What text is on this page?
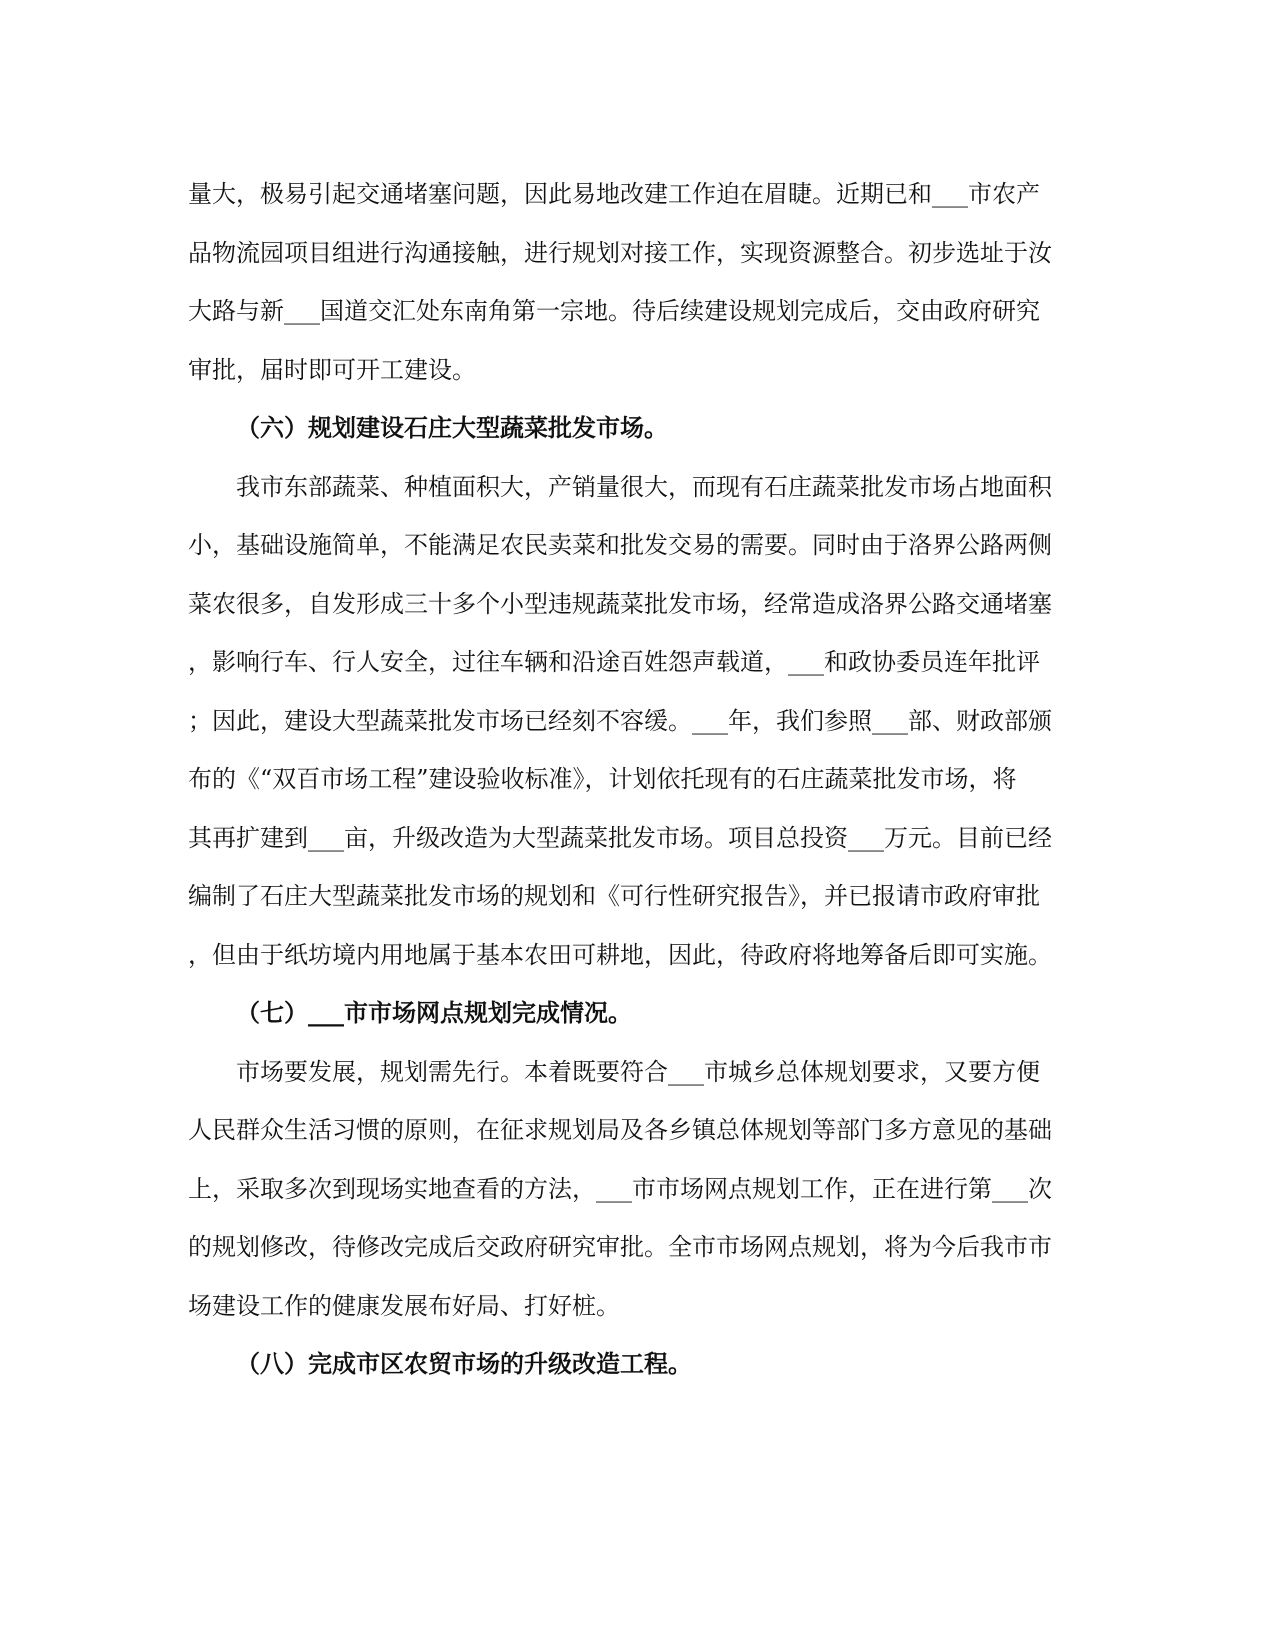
量大，极易引起交通堵塞问题，因此易地改建工作迫在眉睫。近期已和___市农产
品物流园项目组进行沟通接触，进行规划对接工作，实现资源整合。初步选址于汝
大路与新___国道交汇处东南角第一宗地。待后续建设规划完成后，交由政府研究
审批，届时即可开工建设。
（六）规划建设石庄大型蔬菜批发市场。
　　我市东部蔬菜、种植面积大，产销量很大，而现有石庄蔬菜批发市场占地面积
小，基础设施简单，不能满足农民卖菜和批发交易的需要。同时由于洛界公路两侧
菜农很多，自发形成三十多个小型违规蔬菜批发市场，经常造成洛界公路交通堵塞
，影响行车、行人安全，过往车辆和沿途百姓怨声载道，___和政协委员连年批评
；因此，建设大型蔬菜批发市场已经刻不容缓。___年，我们参照___部、财政部颁
布的《“双百市场工程”建设验收标准》，计划依托现有的石庄蔬菜批发市场，将
其再扩建到___亩，升级改造为大型蔬菜批发市场。项目总投资___万元。目前已经
编制了石庄大型蔬菜批发市场的规划和《可行性研究报告》，并已报请市政府审批
，但由于纸坊境内用地属于基本农田可耕地，因此，待政府将地筹备后即可实施。
（七）___市市场网点规划完成情况。
　　市场要发展，规划需先行。本着既要符合___市城乡总体规划要求，又要方便
人民群众生活习惯的原则，在征求规划局及各乡镇总体规划等部门多方意见的基础
上，采取多次到现场实地查看的方法，___市市场网点规划工作，正在进行第___次
的规划修改，待修改完成后交政府研究审批。全市市场网点规划，将为今后我市市
场建设工作的健康发展布好局、打好桩。
（八）完成市区农贸市场的升级改造工程。
